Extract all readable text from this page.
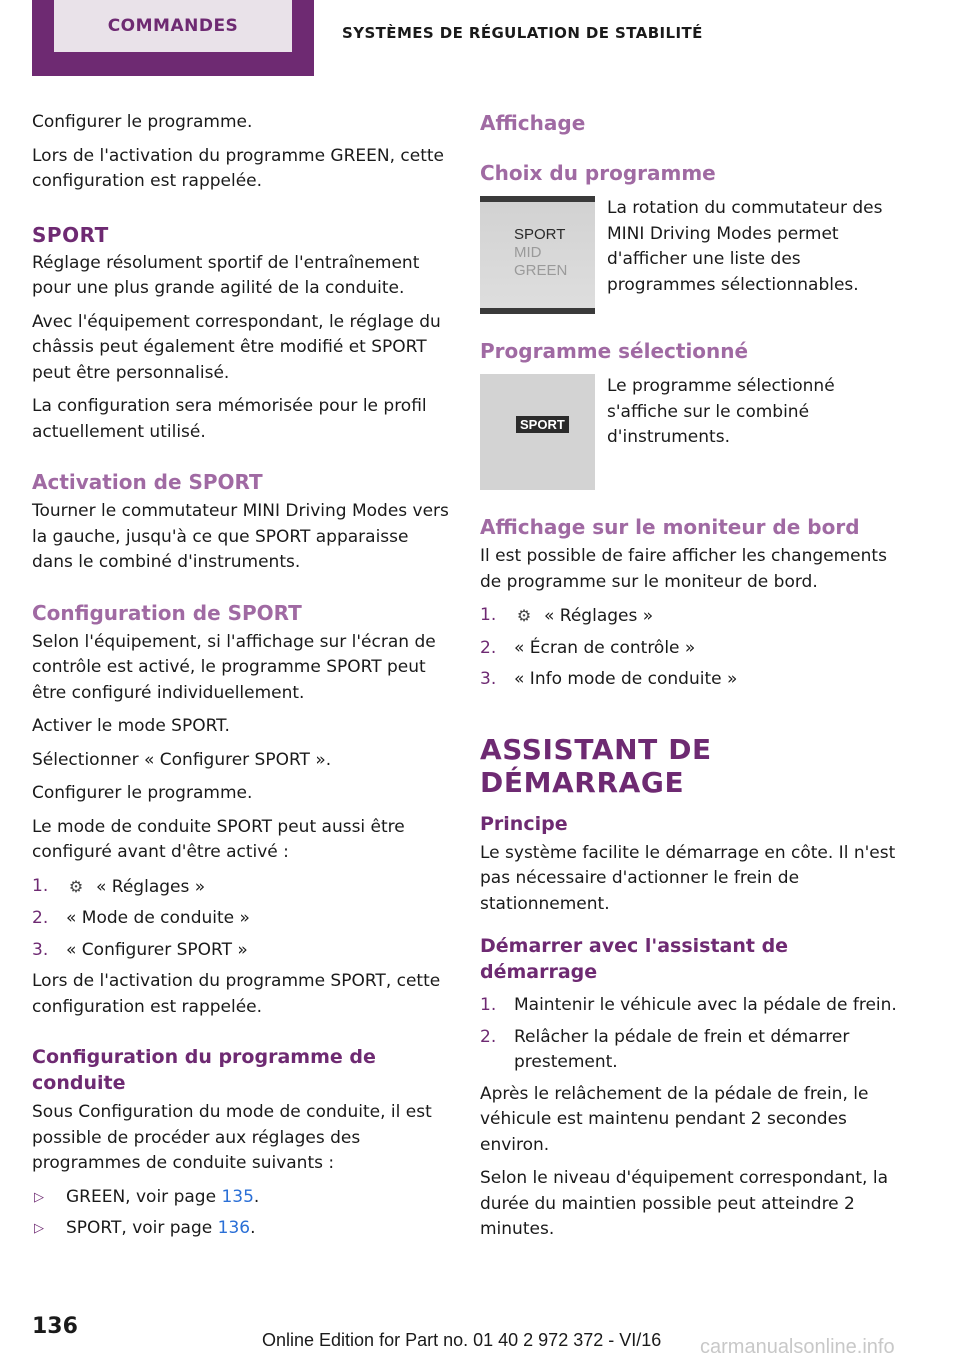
COMMANDES	SYSTÈMES DE RÉGULATION DE STABILITÉ

Configurer le programme.

Lors de l'activation du programme GREEN, cette configuration est rappelée.

SPORT

Réglage résolument sportif de l'entraînement pour une plus grande agilité de la conduite.

Avec l'équipement correspondant, le réglage du châssis peut également être modifié et SPORT peut être personnalisé.

La configuration sera mémorisée pour le profil actuellement utilisé.

Activation de SPORT

Tourner le commutateur MINI Driving Modes vers la gauche, jusqu'à ce que SPORT apparaisse dans le combiné d'instruments.

Configuration de SPORT

Selon l'équipement, si l'affichage sur l'écran de contrôle est activé, le programme SPORT peut être configuré individuellement.

Activer le mode SPORT.

Sélectionner « Configurer SPORT ».

Configurer le programme.

Le mode de conduite SPORT peut aussi être configuré avant d'être activé :

1. ⚙ « Réglages »
2. « Mode de conduite »
3. « Configurer SPORT »

Lors de l'activation du programme SPORT, cette configuration est rappelée.

Configuration du programme de conduite

Sous Configuration du mode de conduite, il est possible de procéder aux réglages des programmes de conduite suivants :

▷ GREEN, voir page 135.
▷ SPORT, voir page 136.
Affichage
Choix du programme
SPORT
MID
GREEN
La rotation du commutateur des MINI Driving Modes permet d'afficher une liste des programmes sélectionnables.
Programme sélectionné
SPORT
Le programme sélectionné s'affiche sur le combiné d'instruments.
Affichage sur le moniteur de bord

Il est possible de faire afficher les changements de programme sur le moniteur de bord.

1. ⚙ « Réglages »
2. « Écran de contrôle »
3. « Info mode de conduite »
ASSISTANT DE DÉMARRAGE
Principe

Le système facilite le démarrage en côte. Il n'est pas nécessaire d'actionner le frein de stationnement.

Démarrer avec l'assistant de démarrage
1. Maintenir le véhicule avec la pédale de frein.
2. Relâcher la pédale de frein et démarrer prestement.

Après le relâchement de la pédale de frein, le véhicule est maintenu pendant 2 secondes environ.

Selon le niveau d'équipement correspondant, la durée du maintien possible peut atteindre 2 minutes.

136
Online Edition for Part no. 01 40 2 972 372 - VI/16 carmanualsonline.info
